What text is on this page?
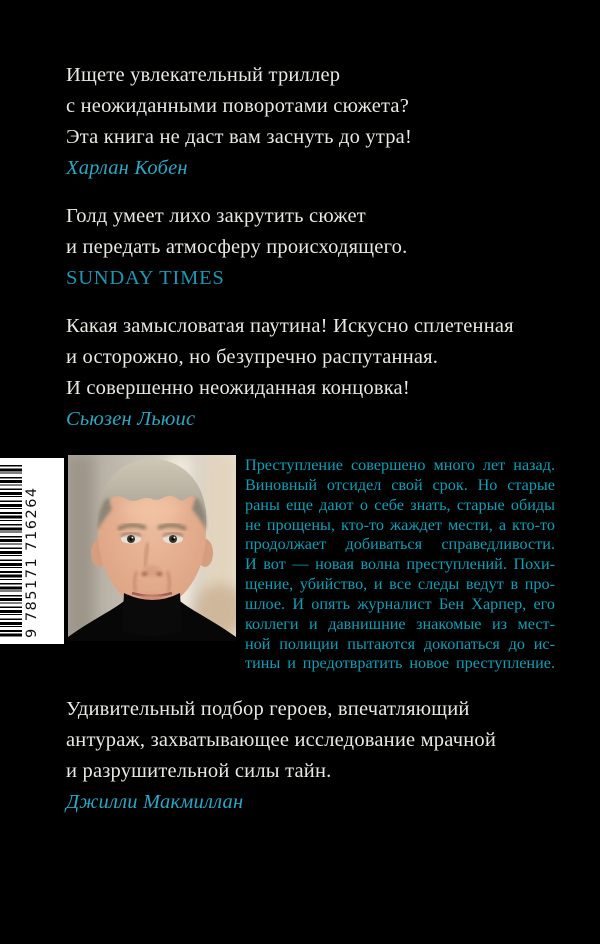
Ищете увлекательный триллер
с неожиданными поворотами сюжета?
Эта книга не даст вам заснуть до утра!
Харлан Кобен
Голд умеет лихо закрутить сюжет
и передать атмосферу происходящего.
SUNDAY TIMES
Какая замысловатая паутина! Искусно сплетенная
и осторожно, но безупречно распутанная.
И совершенно неожиданная концовка!
Сьюзен Льюис
9 785171 716264
Преступление совершено много лет назад.
Виновный отсидел свой срок. Но старые
раны еще дают о себе знать, старые обиды
не прощены, кто-то жаждет мести, а кто-то
продолжает добиваться справедливости.
И вот — новая волна преступлений. Похи-
щение, убийство, и все следы ведут в про-
шлое. И опять журналист Бен Харпер, его
коллеги и давнишние знакомые из мест-
ной полиции пытаются докопаться до ис-
тины и предотвратить новое преступление.
Удивительный подбор героев, впечатляющий
антураж, захватывающее исследование мрачной
и разрушительной силы тайн.
Джилли Макмиллан
